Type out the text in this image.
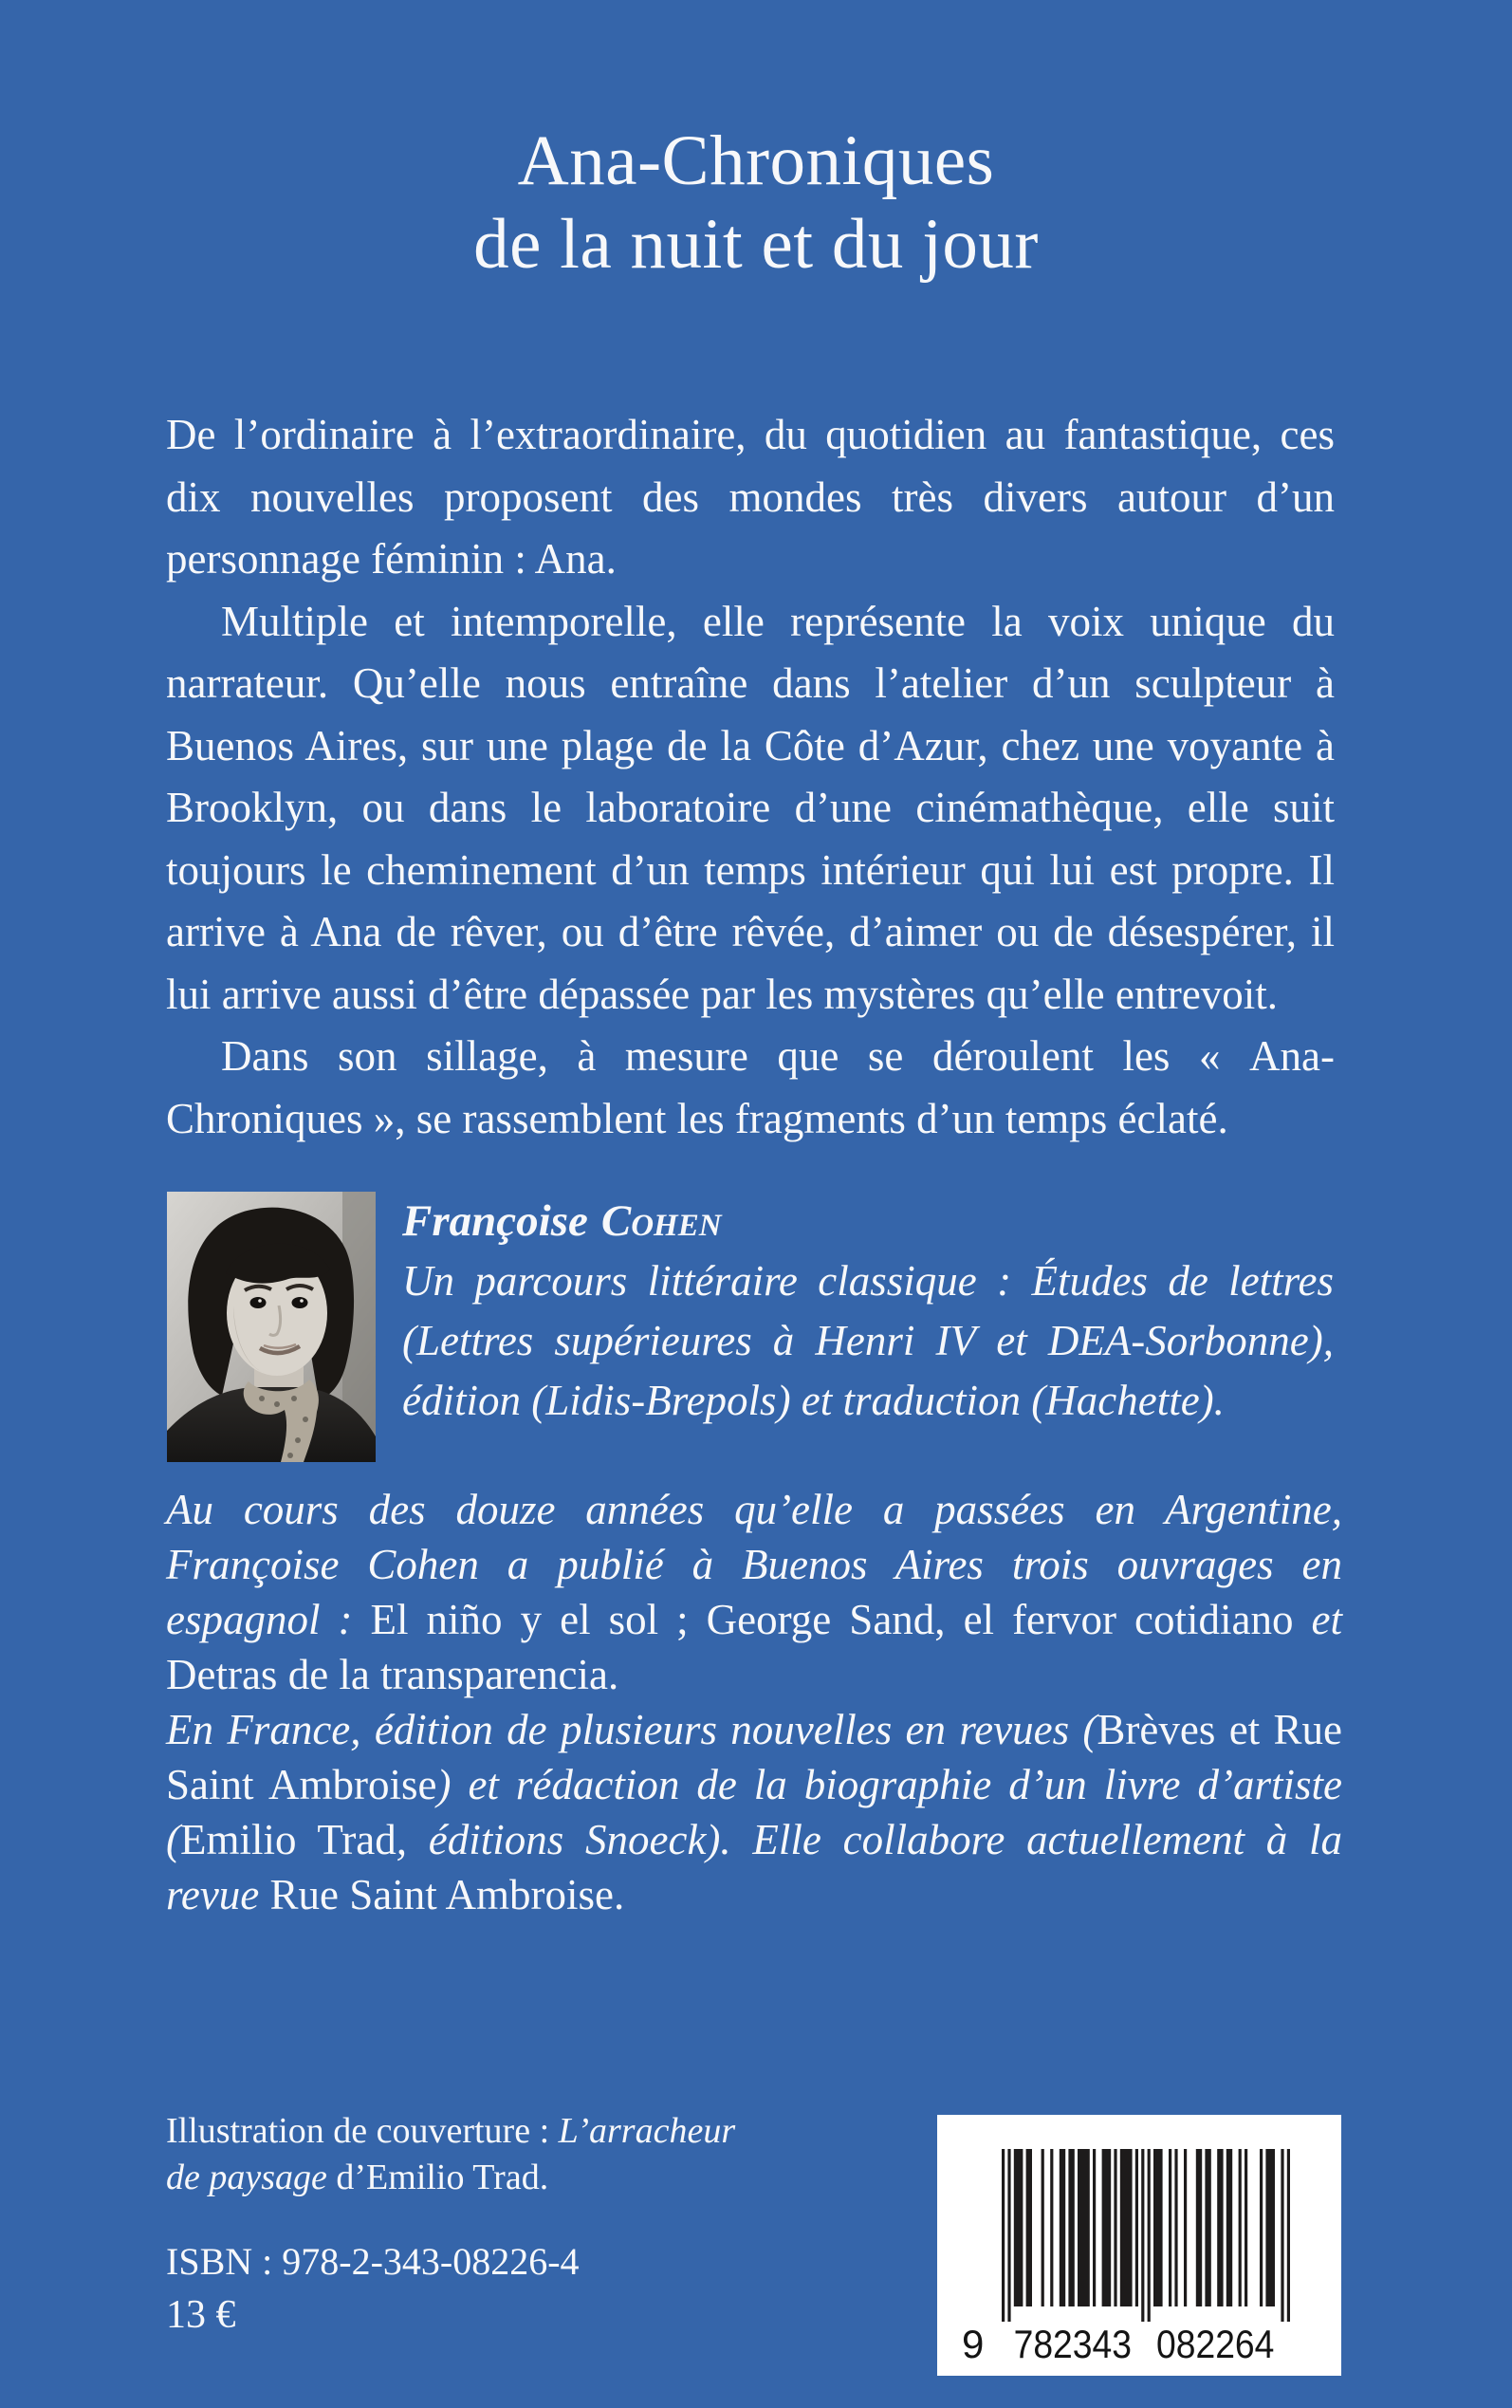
Ana-Chroniques
de la nuit et du jour

De l’ordinaire à l’extraordinaire, du quotidien au fantastique, ces dix nouvelles proposent des mondes très divers autour d’un personnage féminin : Ana.

Multiple et intemporelle, elle représente la voix unique du narrateur. Qu’elle nous entraîne dans l’atelier d’un sculpteur à Buenos Aires, sur une plage de la Côte d’Azur, chez une voyante à Brooklyn, ou dans le laboratoire d’une cinémathèque, elle suit toujours le cheminement d’un temps intérieur qui lui est propre. Il arrive à Ana de rêver, ou d’être rêvée, d’aimer ou de désespérer, il lui arrive aussi d’être dépassée par les mystères qu’elle entrevoit.

Dans son sillage, à mesure que se déroulent les « Ana-Chroniques », se rassemblent les fragments d’un temps éclaté.

Françoise Cohen

Un parcours littéraire classique : Études de lettres (Lettres supérieures à Henri IV et DEA-Sorbonne), édition (Lidis-Brepols) et traduction (Hachette).

Au cours des douze années qu’elle a passées en Argentine, Françoise Cohen a publié à Buenos Aires trois ouvrages en espagnol : El niño y el sol ; George Sand, el fervor cotidiano et Detras de la transparencia.

En France, édition de plusieurs nouvelles en revues (Brèves et Rue Saint Ambroise) et rédaction de la biographie d’un livre d’artiste (Emilio Trad, éditions Snoeck). Elle collabore actuellement à la revue Rue Saint Ambroise.

Illustration de couverture : L’arracheur
de paysage d’Emilio Trad.
ISBN : 978-2-343-08226-4
13 €
9 782343 082264
